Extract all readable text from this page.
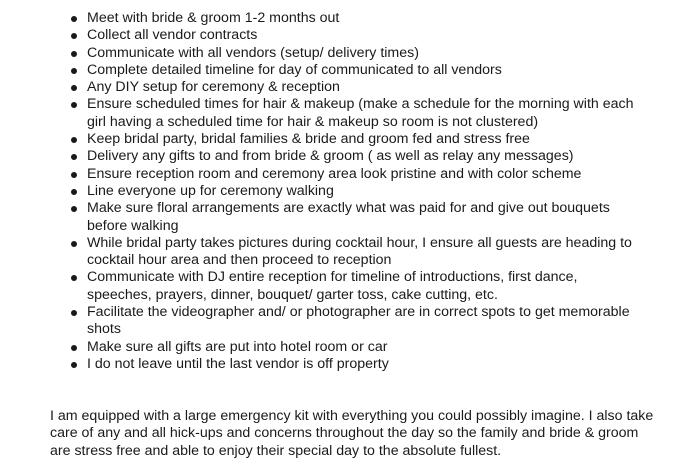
Meet with bride & groom 1-2 months out
Collect all vendor contracts
Communicate with all vendors (setup/ delivery times)
Complete detailed timeline for day of communicated to all vendors
Any DIY setup for ceremony & reception
Ensure scheduled times for hair & makeup (make a schedule for the morning with each girl having a scheduled time for hair & makeup so room is not clustered)
Keep bridal party, bridal families & bride and groom fed and stress free
Delivery any gifts to and from bride & groom ( as well as relay any messages)
Ensure reception room and ceremony area look pristine and with color scheme
Line everyone up for ceremony walking
Make sure floral arrangements are exactly what was paid for and give out bouquets before walking
While bridal party takes pictures during cocktail hour, I ensure all guests are heading to cocktail hour area and then proceed to reception
Communicate with DJ entire reception for timeline of introductions, first dance, speeches, prayers, dinner, bouquet/ garter toss, cake cutting, etc.
Facilitate the videographer and/ or photographer are in correct spots to get memorable shots
Make sure all gifts are put into hotel room or car
I do not leave until the last vendor is off property

I am equipped with a large emergency kit with everything you could possibly imagine. I also take care of any and all hick-ups and concerns throughout the day so the family and bride & groom are stress free and able to enjoy their special day to the absolute fullest.
